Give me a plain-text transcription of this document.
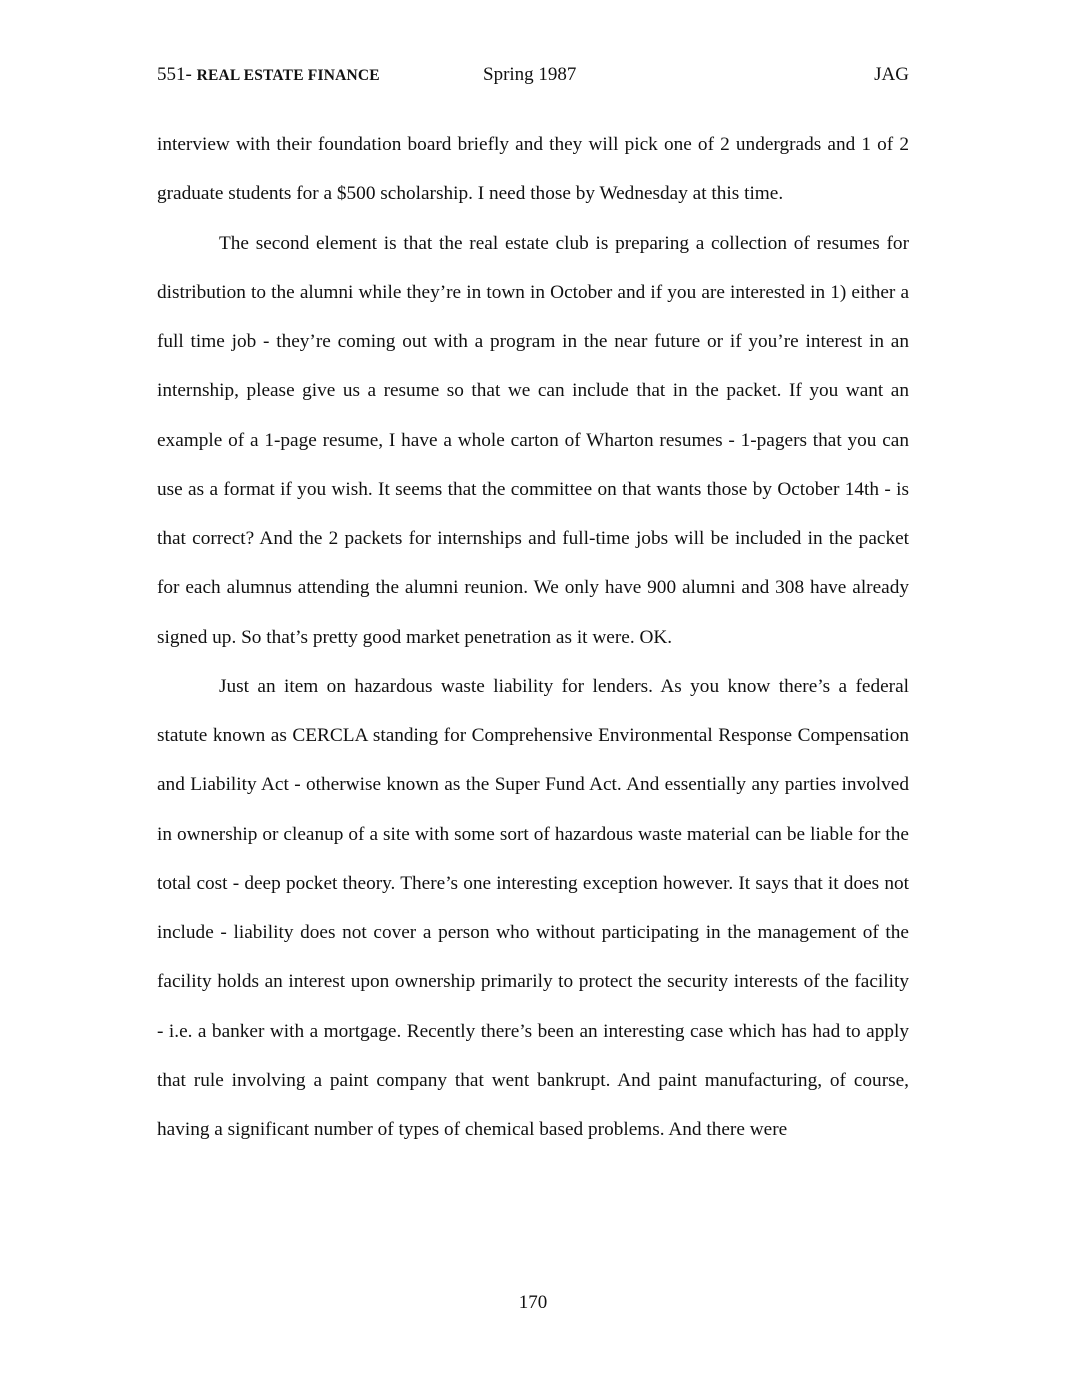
551- REAL ESTATE FINANCE	Spring 1987	JAG

interview with their foundation board briefly and they will pick one of 2 undergrads and 1 of 2 graduate students for a $500 scholarship. I need those by Wednesday at this time.

The second element is that the real estate club is preparing a collection of resumes for distribution to the alumni while they’re in town in October and if you are interested in 1) either a full time job - they’re coming out with a program in the near future or if you’re interest in an internship, please give us a resume so that we can include that in the packet. If you want an example of a 1-page resume, I have a whole carton of Wharton resumes - 1-pagers that you can use as a format if you wish. It seems that the committee on that wants those by October 14th - is that correct? And the 2 packets for internships and full-time jobs will be included in the packet for each alumnus attending the alumni reunion. We only have 900 alumni and 308 have already signed up. So that’s pretty good market penetration as it were. OK.

Just an item on hazardous waste liability for lenders. As you know there’s a federal statute known as CERCLA standing for Comprehensive Environmental Response Compensation and Liability Act - otherwise known as the Super Fund Act. And essentially any parties involved in ownership or cleanup of a site with some sort of hazardous waste material can be liable for the total cost - deep pocket theory. There’s one interesting exception however. It says that it does not include - liability does not cover a person who without participating in the management of the facility holds an interest upon ownership primarily to protect the security interests of the facility - i.e. a banker with a mortgage. Recently there’s been an interesting case which has had to apply that rule involving a paint company that went bankrupt. And paint manufacturing, of course, having a significant number of types of chemical based problems. And there were

170
